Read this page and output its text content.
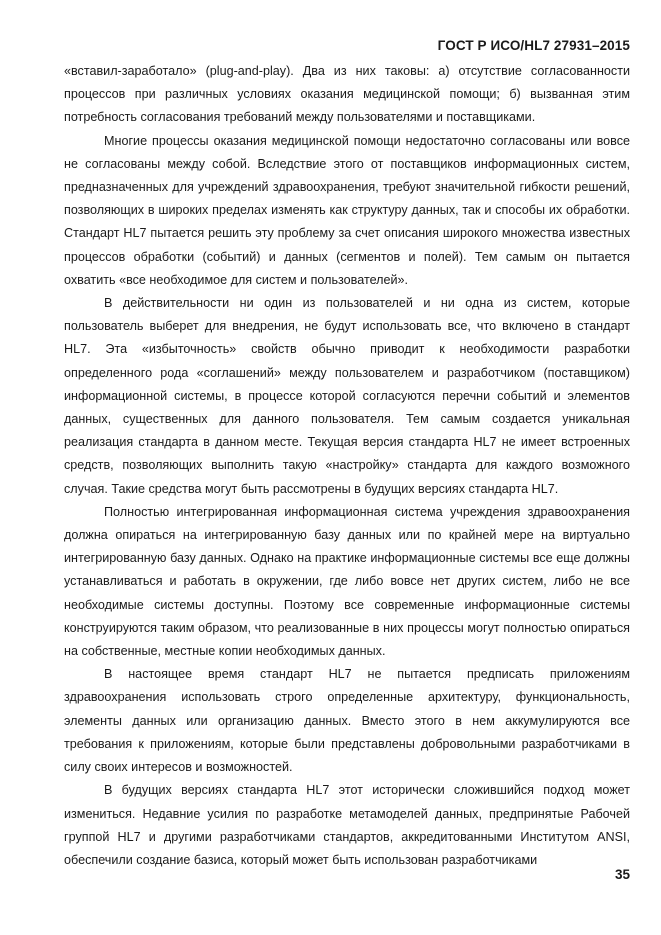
ГОСТ Р ИСО/HL7 27931–2015

«вставил-заработало» (plug-and-play). Два из них таковы: а) отсутствие согласованности процессов при различных условиях оказания медицинской помощи; б) вызванная этим потребность согласования требований между пользователями и поставщиками.

Многие процессы оказания медицинской помощи недостаточно согласованы или вовсе не согласованы между собой. Вследствие этого от поставщиков информационных систем, предназначенных для учреждений здравоохранения, требуют значительной гибкости решений, позволяющих в широких пределах изменять как структуру данных, так и способы их обработки. Стандарт HL7 пытается решить эту проблему за счет описания широкого множества известных процессов обработки (событий) и данных (сегментов и полей). Тем самым он пытается охватить «все необходимое для систем и пользователей».

В действительности ни один из пользователей и ни одна из систем, которые пользователь выберет для внедрения, не будут использовать все, что включено в стандарт HL7. Эта «избыточность» свойств обычно приводит к необходимости разработки определенного рода «соглашений» между пользователем и разработчиком (поставщиком) информационной системы, в процессе которой согласуются перечни событий и элементов данных, существенных для данного пользователя. Тем самым создается уникальная реализация стандарта в данном месте. Текущая версия стандарта HL7 не имеет встроенных средств, позволяющих выполнить такую «настройку» стандарта для каждого возможного случая. Такие средства могут быть рассмотрены в будущих версиях стандарта HL7.

Полностью интегрированная информационная система учреждения здравоохранения должна опираться на интегрированную базу данных или по крайней мере на виртуально интегрированную базу данных. Однако на практике информационные системы все еще должны устанавливаться и работать в окружении, где либо вовсе нет других систем, либо не все необходимые системы доступны. Поэтому все современные информационные системы конструируются таким образом, что реализованные в них процессы могут полностью опираться на собственные, местные копии необходимых данных.

В настоящее время стандарт HL7 не пытается предписать приложениям здравоохранения использовать строго определенные архитектуру, функциональность, элементы данных или организацию данных. Вместо этого в нем аккумулируются все требования к приложениям, которые были представлены добровольными разработчиками в силу своих интересов и возможностей.

В будущих версиях стандарта HL7 этот исторически сложившийся подход может измениться. Недавние усилия по разработке метамоделей данных, предпринятые Рабочей группой HL7 и другими разработчиками стандартов, аккредитованными Институтом ANSI, обеспечили создание базиса, который может быть использован разработчиками

35
